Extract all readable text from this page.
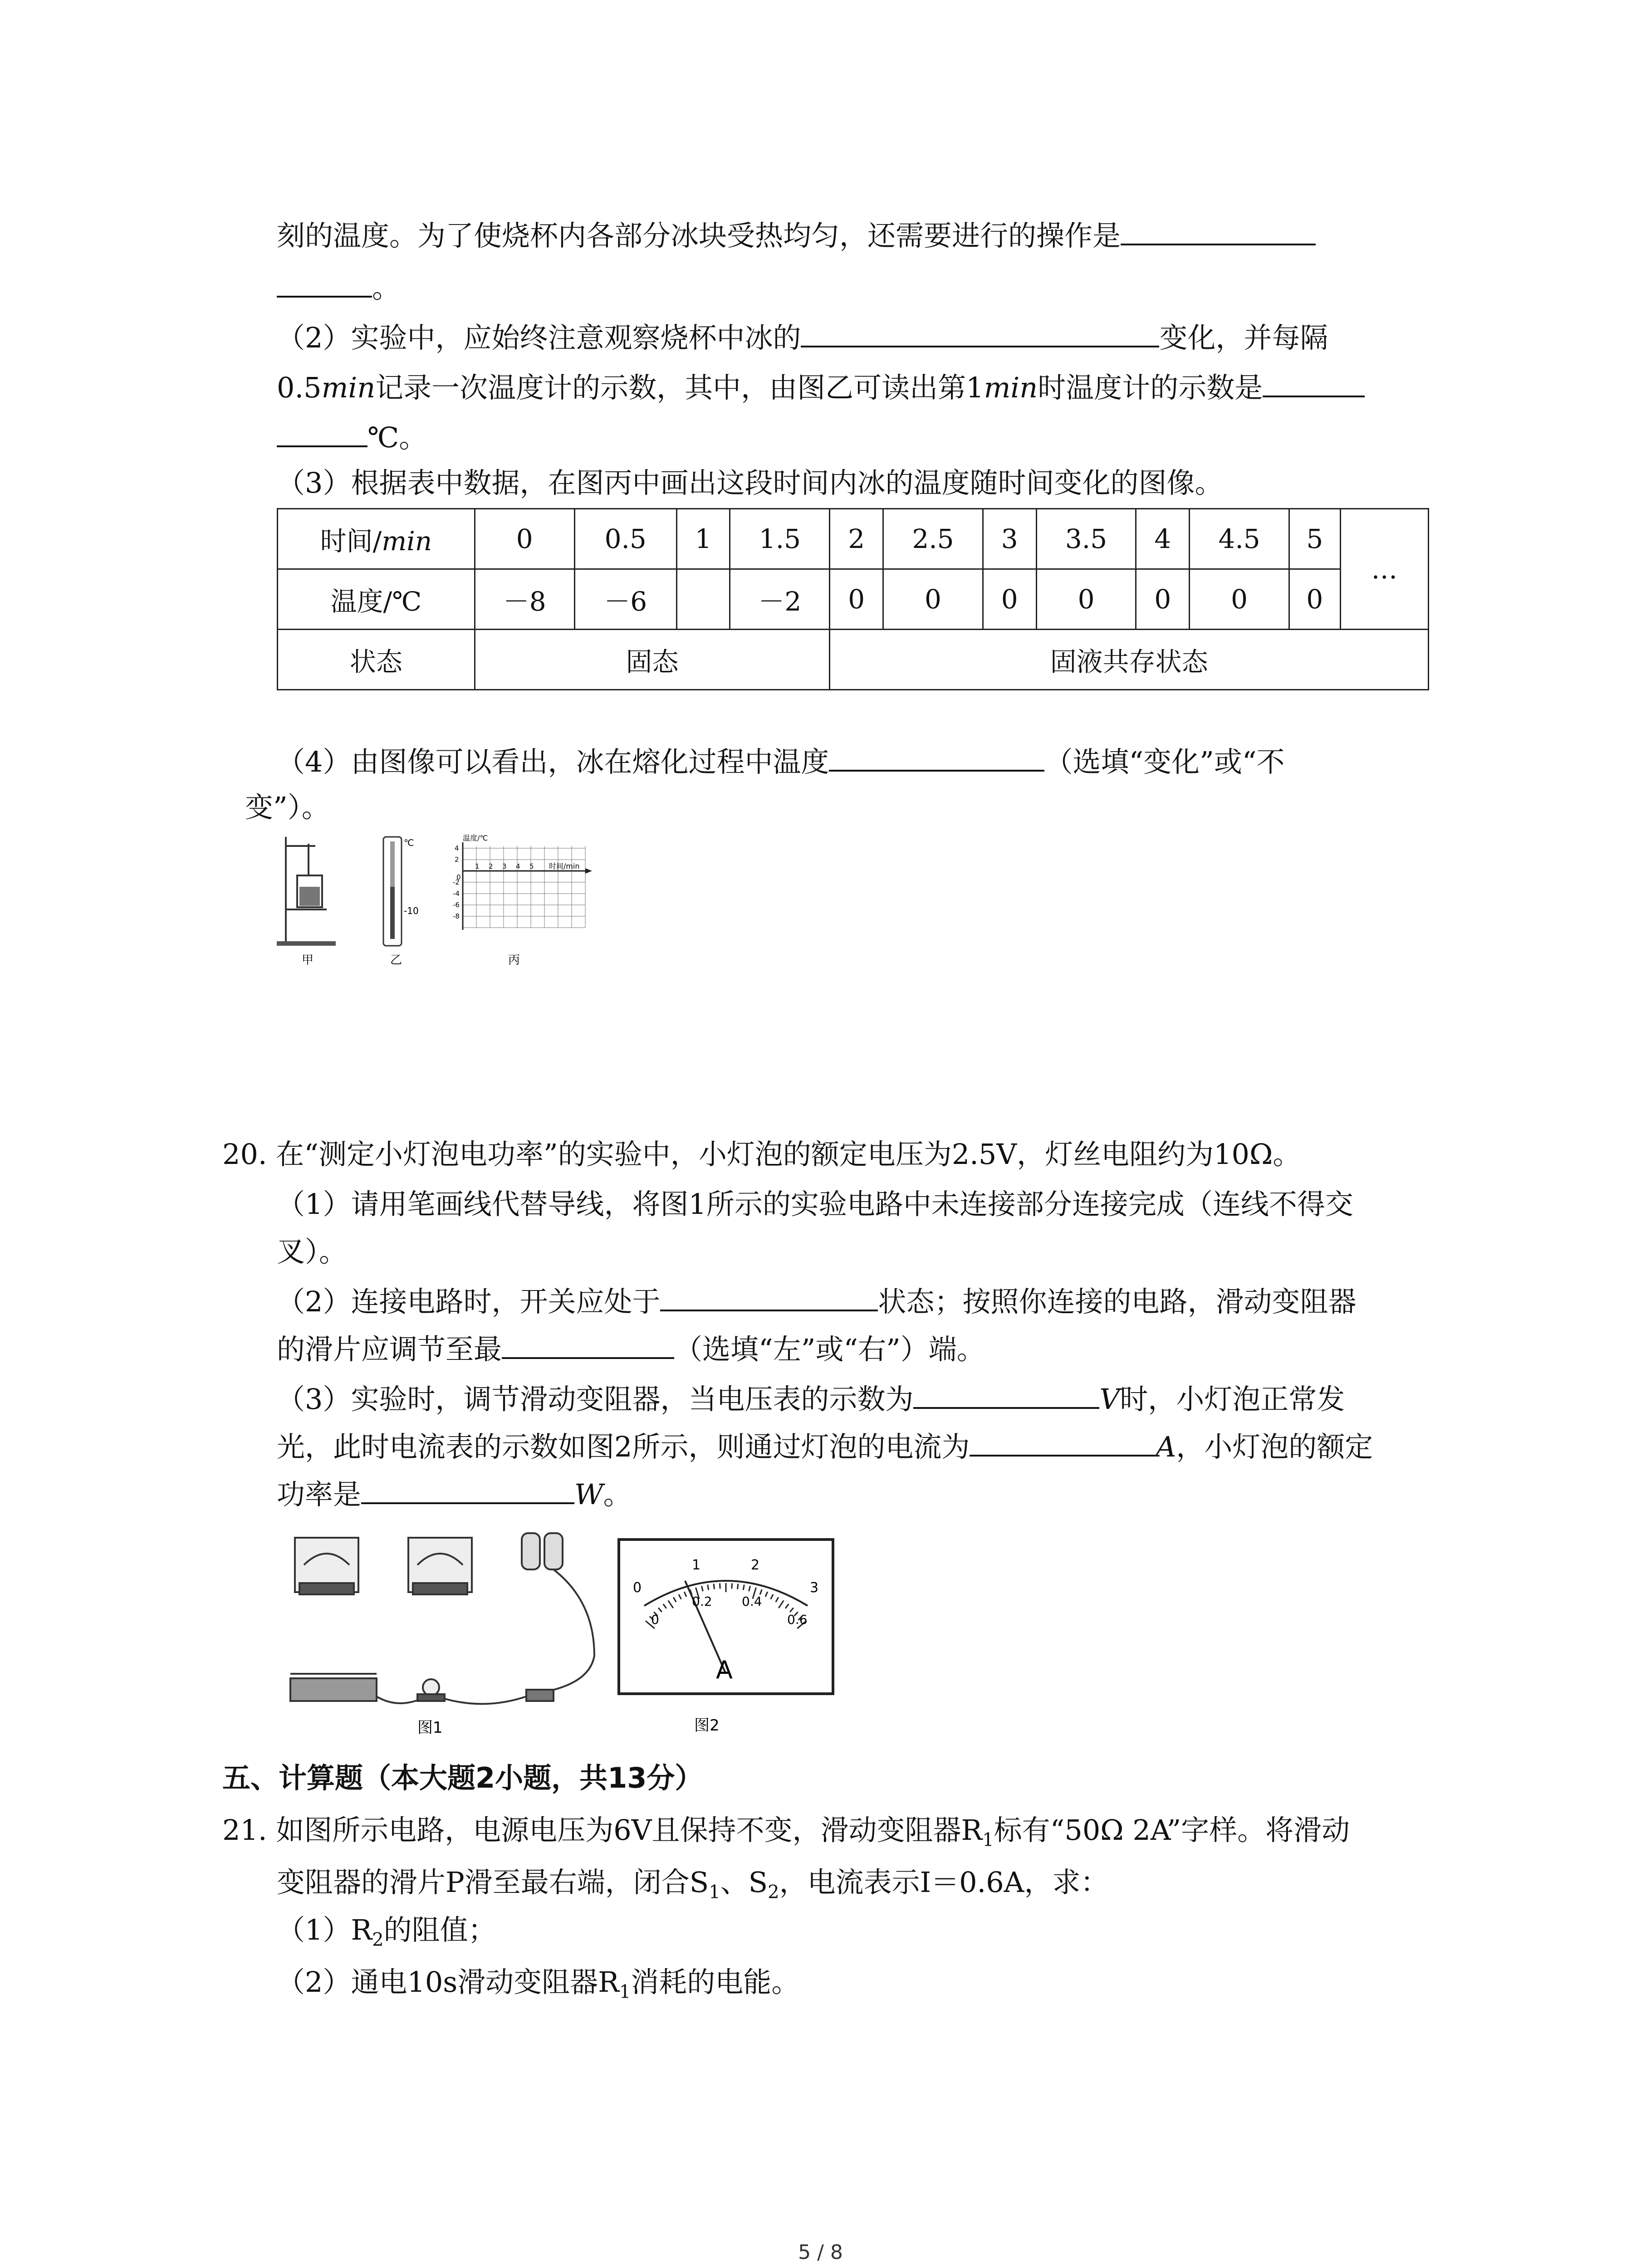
刻的温度。为了使烧杯内各部分冰块受热均匀，还需要进行的操作是
。
（2）实验中，应始终注意观察烧杯中冰的	变化，并每隔
0.5min记录一次温度计的示数，其中，由图乙可读出第1min时温度计的示数是
℃。
（3）根据表中数据，在图丙中画出这段时间内冰的温度随时间变化的图像。
时间/min	0	0.5	1	1.5	2	2.5	3	3.5	4	4.5	5	…
温度/℃	－8	－6		－2	0	0	0	0	0	0	0	
状态	固态				固液共存状态							
（4）由图像可以看出，冰在熔化过程中温度	（选填“变化”或“不
变”）。
甲
℃
-10
乙
温度/℃
时间/min
0
1 2 3 4 5
4
2
-2
-4
-6
-8
丙
20. 在“测定小灯泡电功率”的实验中，小灯泡的额定电压为2.5V，灯丝电阻约为10Ω。
（1）请用笔画线代替导线，将图1所示的实验电路中未连接部分连接完成（连线不得交
叉）。
（2）连接电路时，开关应处于	状态；按照你连接的电路，滑动变阻器
的滑片应调节至最	（选填“左”或“右”）端。
（3）实验时，调节滑动变阻器，当电压表的示数为	V时，小灯泡正常发
光，此时电流表的示数如图2所示，则通过灯泡的电流为	A，小灯泡的额定
功率是	W。
图1
0
1	2
3
0
0.2 0.4
0.6
A
图2
五、计算题（本大题2小题，共13分）
21. 如图所示电路，电源电压为6V且保持不变，滑动变阻器$R_1$标有“50Ω 2A”字样。将滑动
变阻器的滑片P滑至最右端，闭合$S_1$、$S_2$，电流表示I＝0.6A，求：
$(1)R_2$的阻值；
（2）通电10s滑动变阻器$R_1$消耗的电能。
5 / 8
